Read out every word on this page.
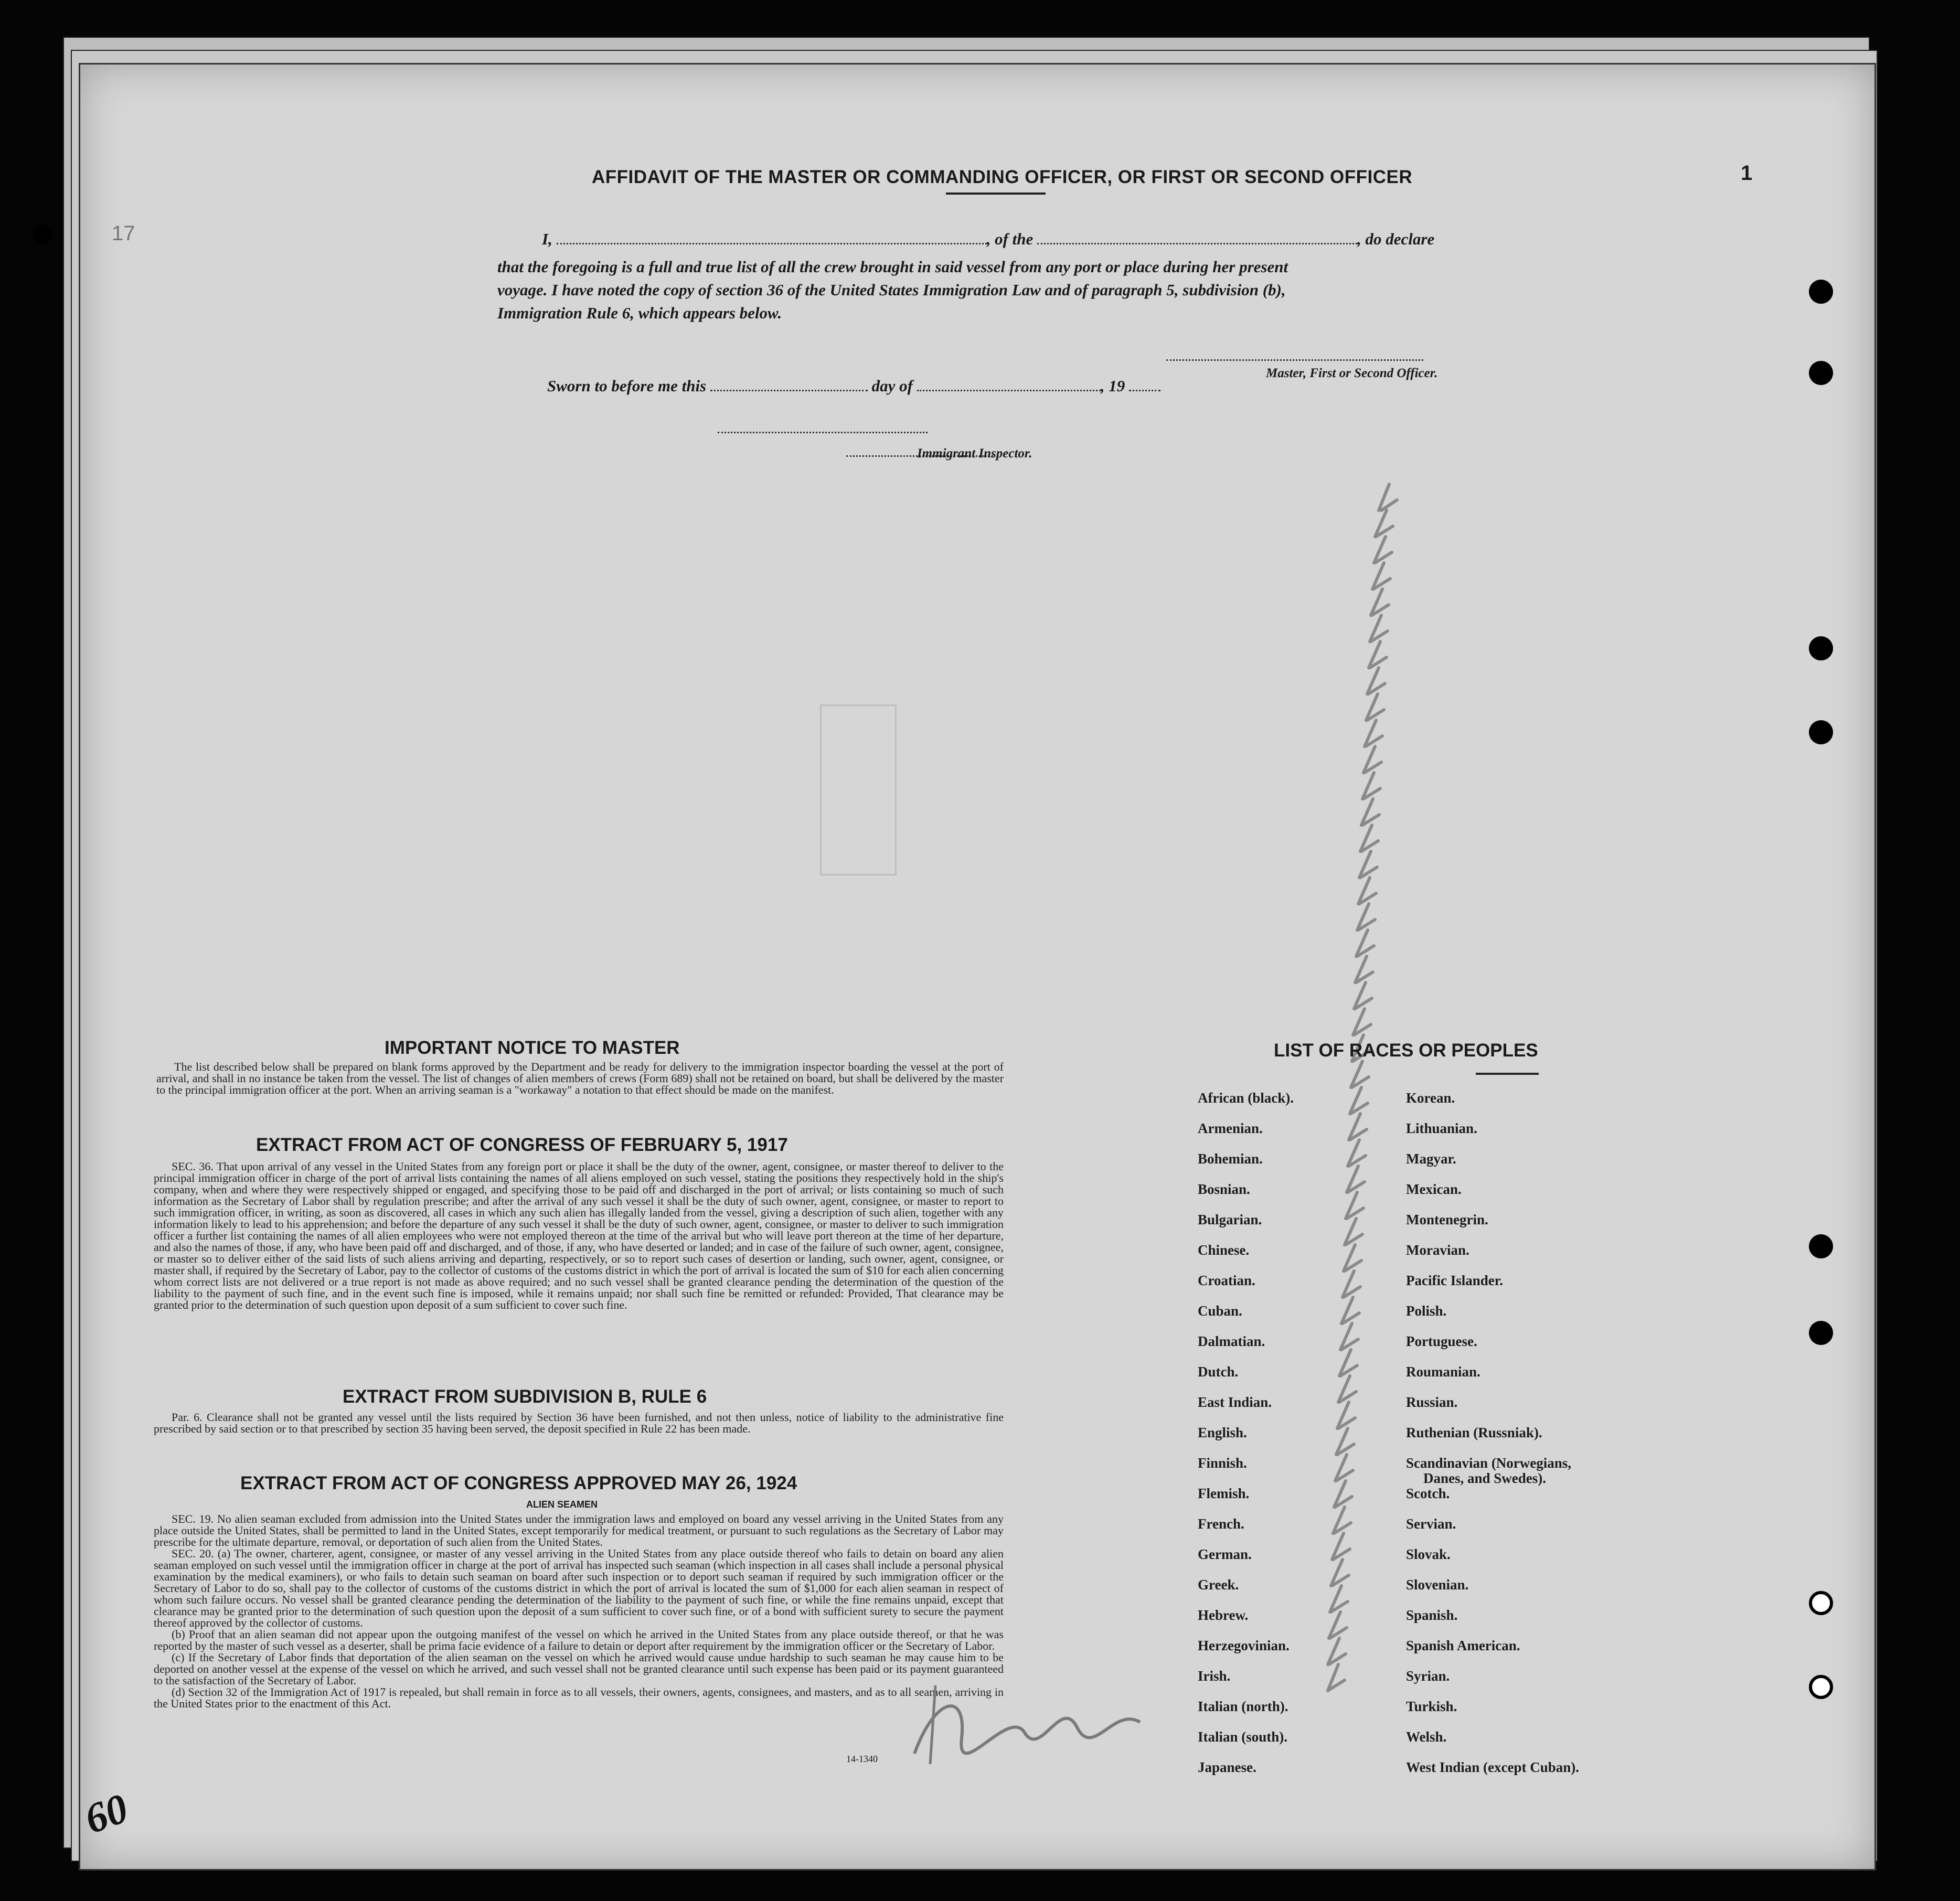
1
17
AFFIDAVIT OF THE MASTER OR COMMANDING OFFICER, OR FIRST OR SECOND OFFICER
I,	, of the	, do declare
that the foregoing is a full and true list of all the crew brought in said vessel from any port or place during her present
voyage. I have noted the copy of section 36 of the United States Immigration Law and of paragraph 5, subdivision (b),
Immigration Rule 6, which appears below.
Master, First or Second Officer.
Sworn to before me this	day of	, 19
Immigrant Inspector.
IMPORTANT NOTICE TO MASTER

The list described below shall be prepared on blank forms approved by the Department and be ready for delivery to the immigration inspector boarding the vessel at the port of arrival, and shall in no instance be taken from the vessel. The list of changes of alien members of crews (Form 689) shall not be retained on board, but shall be delivered by the master to the principal immigration officer at the port. When an arriving seaman is a "workaway" a notation to that effect should be made on the manifest.

EXTRACT FROM ACT OF CONGRESS OF FEBRUARY 5, 1917

SEC. 36. That upon arrival of any vessel in the United States from any foreign port or place it shall be the duty of the owner, agent, consignee, or master thereof to deliver to the principal immigration officer in charge of the port of arrival lists containing the names of all aliens employed on such vessel, stating the positions they respectively hold in the ship's company, when and where they were respectively shipped or engaged, and specifying those to be paid off and discharged in the port of arrival; or lists containing so much of such information as the Secretary of Labor shall by regulation prescribe; and after the arrival of any such vessel it shall be the duty of such owner, agent, consignee, or master to report to such immigration officer, in writing, as soon as discovered, all cases in which any such alien has illegally landed from the vessel, giving a description of such alien, together with any information likely to lead to his apprehension; and before the departure of any such vessel it shall be the duty of such owner, agent, consignee, or master to deliver to such immigration officer a further list containing the names of all alien employees who were not employed thereon at the time of the arrival but who will leave port thereon at the time of her departure, and also the names of those, if any, who have been paid off and discharged, and of those, if any, who have deserted or landed; and in case of the failure of such owner, agent, consignee, or master so to deliver either of the said lists of such aliens arriving and departing, respectively, or so to report such cases of desertion or landing, such owner, agent, consignee, or master shall, if required by the Secretary of Labor, pay to the collector of customs of the customs district in which the port of arrival is located the sum of $10 for each alien concerning whom correct lists are not delivered or a true report is not made as above required; and no such vessel shall be granted clearance pending the determination of the question of the liability to the payment of such fine, and in the event such fine is imposed, while it remains unpaid; nor shall such fine be remitted or refunded: Provided, That clearance may be granted prior to the determination of such question upon deposit of a sum sufficient to cover such fine.

EXTRACT FROM SUBDIVISION B, RULE 6

Par. 6. Clearance shall not be granted any vessel until the lists required by Section 36 have been furnished, and not then unless, notice of liability to the administrative fine prescribed by said section or to that prescribed by section 35 having been served, the deposit specified in Rule 22 has been made.

EXTRACT FROM ACT OF CONGRESS APPROVED MAY 26, 1924
ALIEN SEAMEN

SEC. 19. No alien seaman excluded from admission into the United States under the immigration laws and employed on board any vessel arriving in the United States from any place outside the United States, shall be permitted to land in the United States, except temporarily for medical treatment, or pursuant to such regulations as the Secretary of Labor may prescribe for the ultimate departure, removal, or deportation of such alien from the United States.

SEC. 20. (a) The owner, charterer, agent, consignee, or master of any vessel arriving in the United States from any place outside thereof who fails to detain on board any alien seaman employed on such vessel until the immigration officer in charge at the port of arrival has inspected such seaman (which inspection in all cases shall include a personal physical examination by the medical examiners), or who fails to detain such seaman on board after such inspection or to deport such seaman if required by such immigration officer or the Secretary of Labor to do so, shall pay to the collector of customs of the customs district in which the port of arrival is located the sum of $1,000 for each alien seaman in respect of whom such failure occurs. No vessel shall be granted clearance pending the determination of the liability to the payment of such fine, or while the fine remains unpaid, except that clearance may be granted prior to the determination of such question upon the deposit of a sum sufficient to cover such fine, or of a bond with sufficient surety to secure the payment thereof approved by the collector of customs.

(b) Proof that an alien seaman did not appear upon the outgoing manifest of the vessel on which he arrived in the United States from any place outside thereof, or that he was reported by the master of such vessel as a deserter, shall be prima facie evidence of a failure to detain or deport after requirement by the immigration officer or the Secretary of Labor.

(c) If the Secretary of Labor finds that deportation of the alien seaman on the vessel on which he arrived would cause undue hardship to such seaman he may cause him to be deported on another vessel at the expense of the vessel on which he arrived, and such vessel shall not be granted clearance until such expense has been paid or its payment guaranteed to the satisfaction of the Secretary of Labor.

(d) Section 32 of the Immigration Act of 1917 is repealed, but shall remain in force as to all vessels, their owners, agents, consignees, and masters, and as to all seamen, arriving in the United States prior to the enactment of this Act.

14-1340
60
LIST OF RACES OR PEOPLES
African (black).
Armenian.
Bohemian.
Bosnian.
Bulgarian.
Chinese.
Croatian.
Cuban.
Dalmatian.
Dutch.
East Indian.
English.
Finnish.
Flemish.
French.
German.
Greek.
Hebrew.
Herzegovinian.
Irish.
Italian (north).
Italian (south).
Japanese.
Korean.
Lithuanian.
Magyar.
Mexican.
Montenegrin.
Moravian.
Pacific Islander.
Polish.
Portuguese.
Roumanian.
Russian.
Ruthenian (Russniak).
Scandinavian (Norwegians,
Danes, and Swedes).
Scotch.
Servian.
Slovak.
Slovenian.
Spanish.
Spanish American.
Syrian.
Turkish.
Welsh.
West Indian (except Cuban).
